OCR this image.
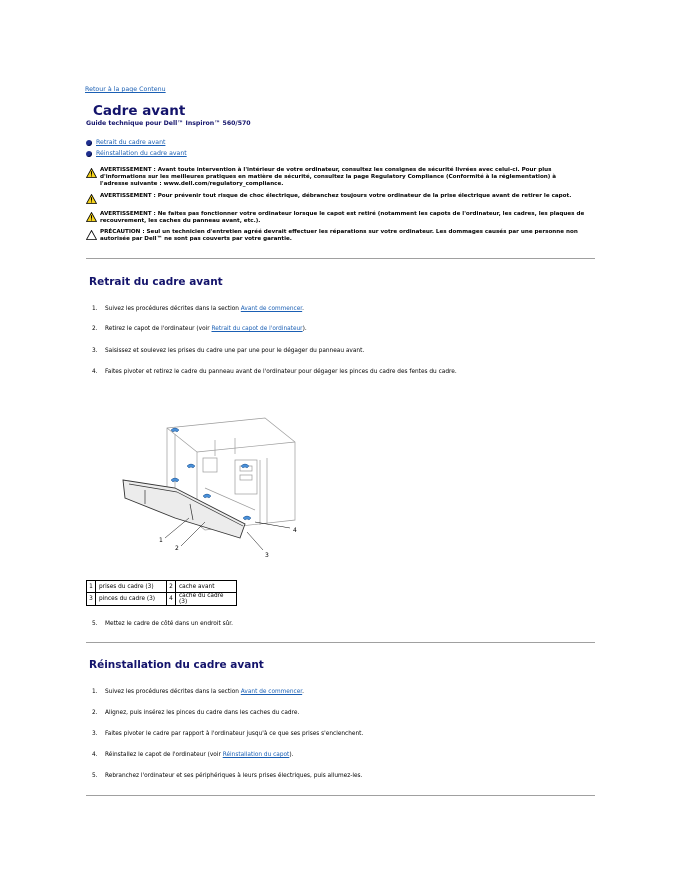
Retour à la page Contenu
Cadre avant
Guide technique pour Dell™ Inspiron™ 560/570
Retrait du cadre avant
Réinstallation du cadre avant
AVERTISSEMENT : Avant toute intervention à l'intérieur de votre ordinateur, consultez les consignes de sécurité livrées avec celui-ci. Pour plus d'informations sur les meilleures pratiques en matière de sécurité, consultez la page Regulatory Compliance (Conformité à la réglementation) à l'adresse suivante : www.dell.com/regulatory_compliance.
AVERTISSEMENT : Pour prévenir tout risque de choc électrique, débranchez toujours votre ordinateur de la prise électrique avant de retirer le capot.
AVERTISSEMENT : Ne faites pas fonctionner votre ordinateur lorsque le capot est retiré (notamment les capots de l'ordinateur, les cadres, les plaques de recouvrement, les caches du panneau avant, etc.).
PRÉCAUTION : Seul un technicien d'entretien agréé devrait effectuer les réparations sur votre ordinateur. Les dommages causés par une personne non autorisée par Dell™ ne sont pas couverts par votre garantie.
Retrait du cadre avant
1. Suivez les procédures décrites dans la section Avant de commencer.
2. Retirez le capot de l'ordinateur (voir Retrait du capot de l'ordinateur).
3. Saisissez et soulevez les prises du cadre une par une pour le dégager du panneau avant.
4. Faites pivoter et retirez le cadre du panneau avant de l'ordinateur pour dégager les pinces du cadre des fentes du cadre.
1
2
3
4
1	prises du cadre (3)	2	cache avant
3	pinces du cadre (3)	4	cache du cadre (3)
5. Mettez le cadre de côté dans un endroit sûr.
Réinstallation du cadre avant
1. Suivez les procédures décrites dans la section Avant de commencer.
2. Alignez, puis insérez les pinces du cadre dans les caches du cadre.
3. Faites pivoter le cadre par rapport à l'ordinateur jusqu'à ce que ses prises s'enclenchent.
4. Réinstallez le capot de l'ordinateur (voir Réinstallation du capot).
5. Rebranchez l'ordinateur et ses périphériques à leurs prises électriques, puis allumez-les.
